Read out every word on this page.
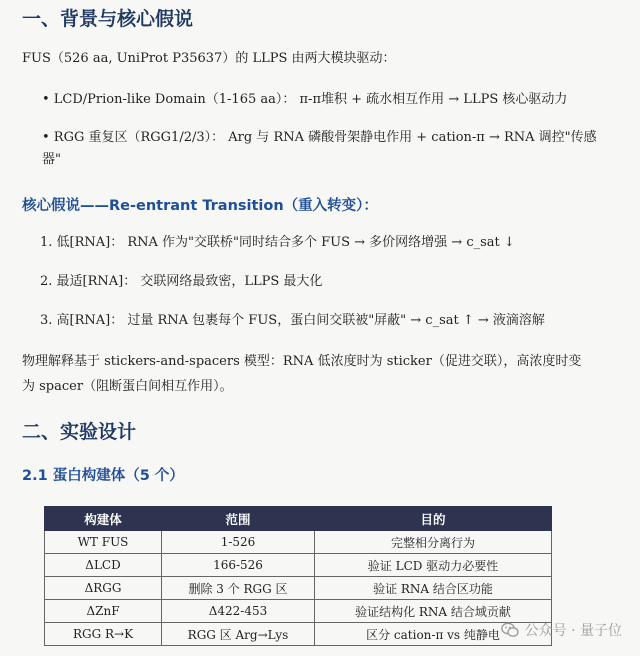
一、背景与核心假说
FUS（526 aa, UniProt P35637）的 LLPS 由两大模块驱动：
• LCD/Prion-like Domain（1-165 aa）： π-π堆积 + 疏水相互作用 → LLPS 核心驱动力
• RGG 重复区（RGG1/2/3）： Arg 与 RNA 磷酸骨架静电作用 + cation-π → RNA 调控"传感器"
核心假说——Re-entrant Transition（重入转变）：
1. 低[RNA]： RNA 作为"交联桥"同时结合多个 FUS → 多价网络增强 → c_sat ↓
2. 最适[RNA]： 交联网络最致密，LLPS 最大化
3. 高[RNA]： 过量 RNA 包裹每个 FUS，蛋白间交联被"屏蔽" → c_sat ↑ → 液滴溶解
物理解释基于 stickers-and-spacers 模型：RNA 低浓度时为 sticker（促进交联），高浓度时变为 spacer（阻断蛋白间相互作用）。
二、实验设计
2.1 蛋白构建体（5 个）
构建体	范围	目的
WT FUS	1-526	完整相分离行为
ΔLCD	166-526	验证 LCD 驱动力必要性
ΔRGG	删除 3 个 RGG 区	验证 RNA 结合区功能
ΔZnF	Δ422-453	验证结构化 RNA 结合域贡献
RGG R→K	RGG 区 Arg→Lys	区分 cation-π vs 纯静电 公众号 · 量子位
